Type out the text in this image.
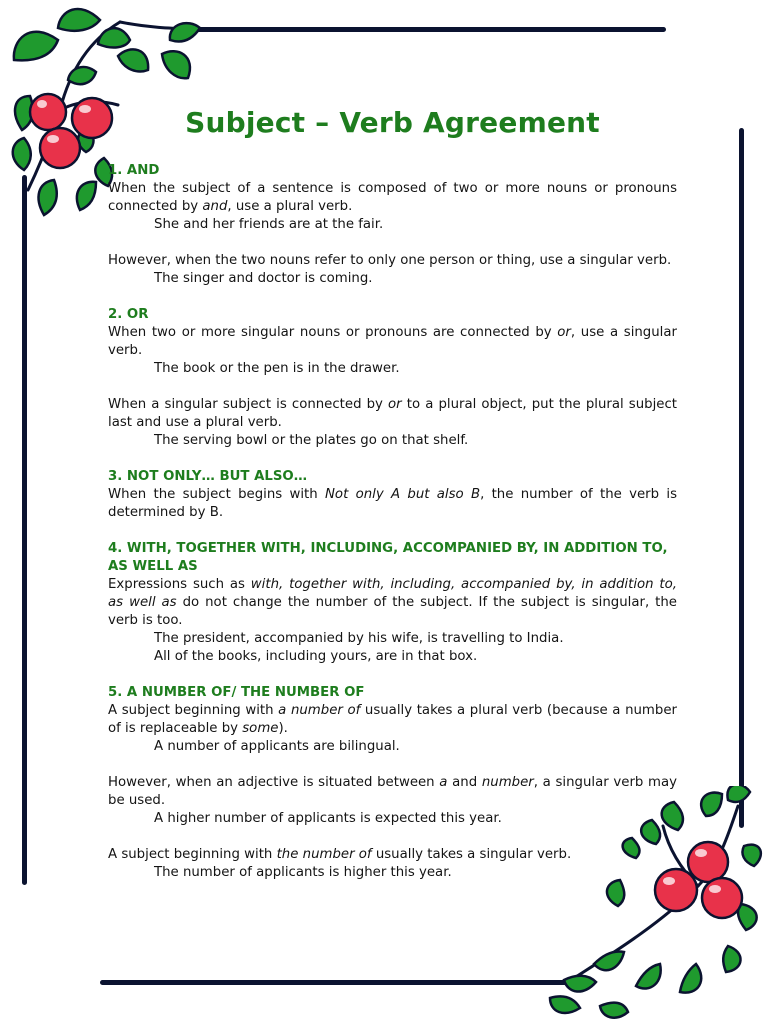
Subject – Verb Agreement
1. AND
When the subject of a sentence is composed of two or more nouns or pronouns connected by and, use a plural verb.
She and her friends are at the fair.
However, when the two nouns refer to only one person or thing, use a singular verb.
The singer and doctor is coming.
2. OR
When two or more singular nouns or pronouns are connected by or, use a singular verb.
The book or the pen is in the drawer.
When a singular subject is connected by or to a plural object, put the plural subject last and use a plural verb.
The serving bowl or the plates go on that shelf.
3. NOT ONLY… BUT ALSO…
When the subject begins with Not only A but also B, the number of the verb is determined by B.
4. WITH, TOGETHER WITH, INCLUDING, ACCOMPANIED BY, IN ADDITION TO, AS WELL AS
Expressions such as with, together with, including, accompanied by, in addition to, as well as do not change the number of the subject. If the subject is singular, the verb is too.
The president, accompanied by his wife, is travelling to India.
All of the books, including yours, are in that box.
5. A NUMBER OF/ THE NUMBER OF
A subject beginning with a number of usually takes a plural verb (because a number of is replaceable by some).
A number of applicants are bilingual.
However, when an adjective is situated between a and number, a singular verb may be used.
A higher number of applicants is expected this year.
A subject beginning with the number of usually takes a singular verb.
The number of applicants is higher this year.
